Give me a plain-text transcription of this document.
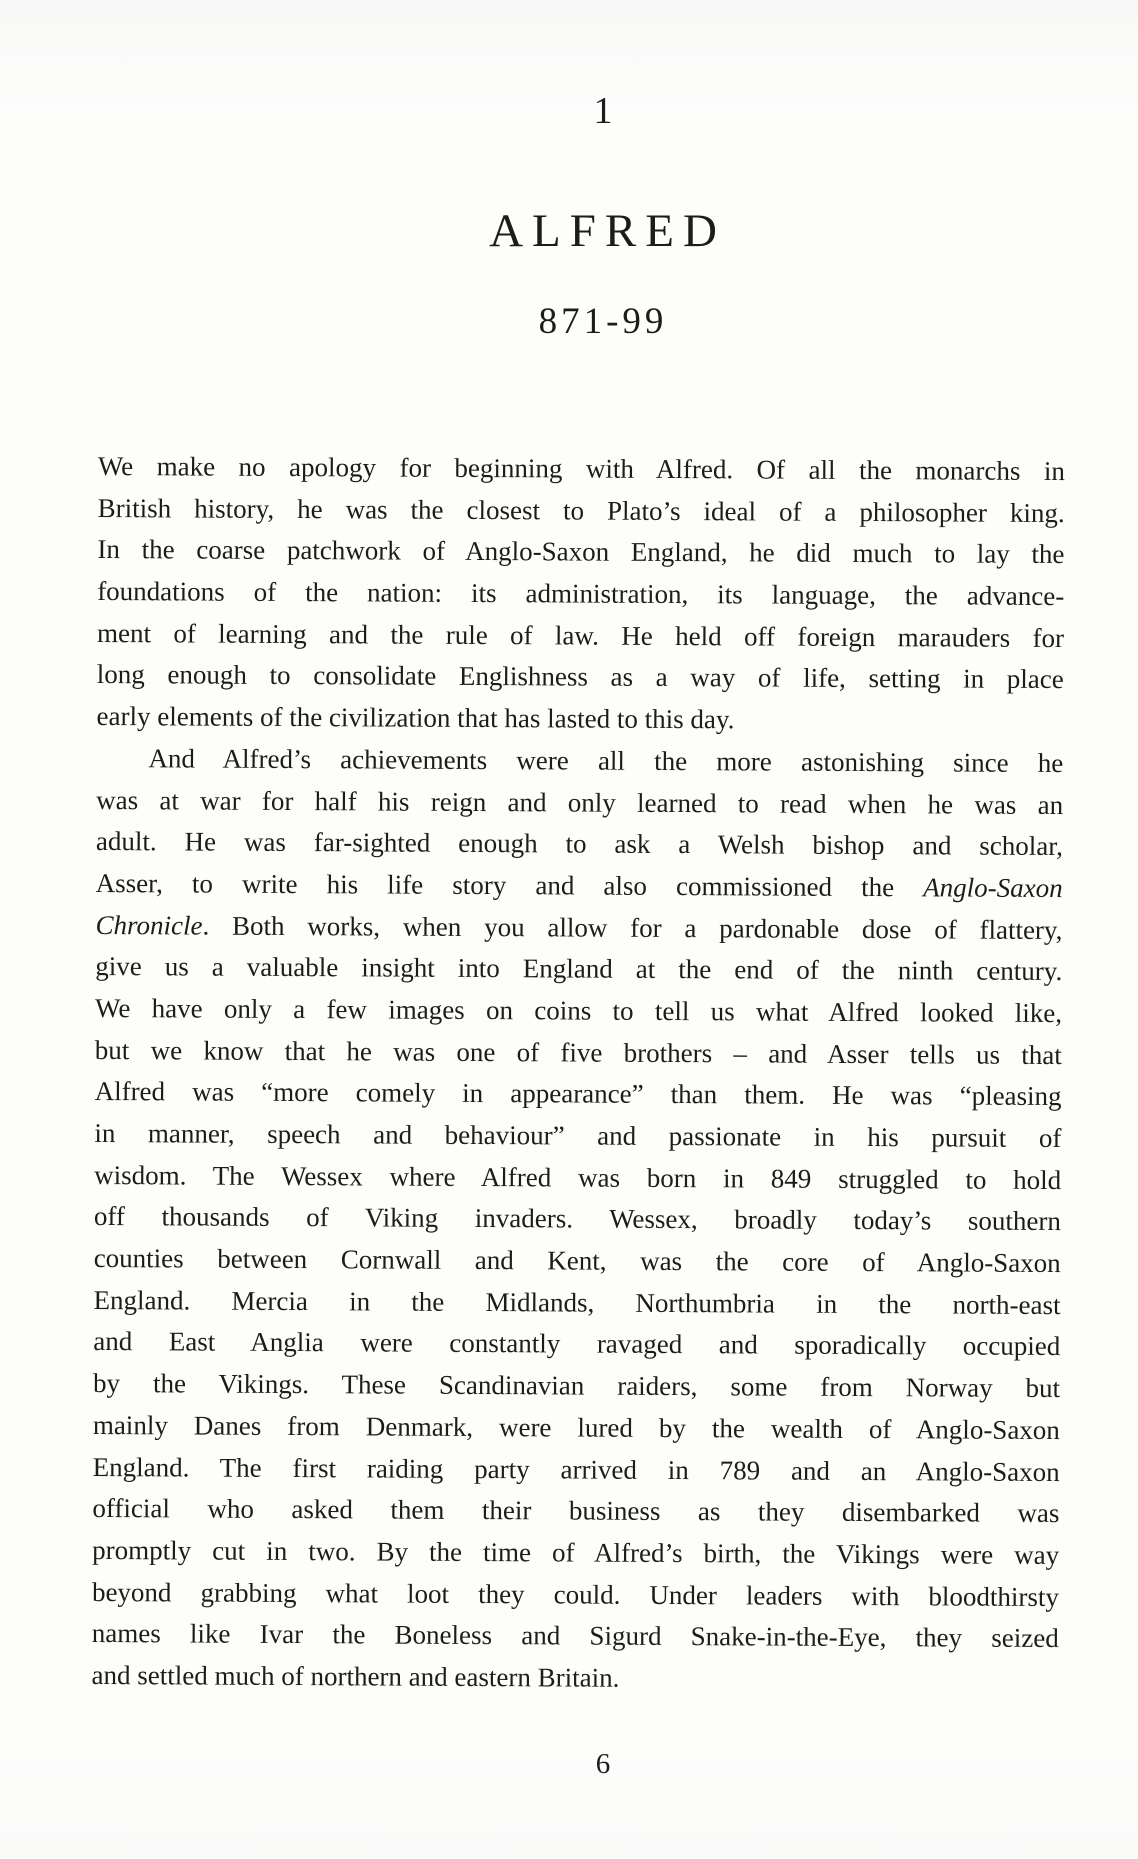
1
ALFRED
871-99
We make no apology for beginning with Alfred. Of all the monarchs in
British history, he was the closest to Plato’s ideal of a philosopher king.
In the coarse patchwork of Anglo-Saxon England, he did much to lay the
foundations of the nation: its administration, its language, the advance-
ment of learning and the rule of law. He held off foreign marauders for
long enough to consolidate Englishness as a way of life, setting in place
early elements of the civilization that has lasted to this day.
And Alfred’s achievements were all the more astonishing since he
was at war for half his reign and only learned to read when he was an
adult. He was far-sighted enough to ask a Welsh bishop and scholar,
Asser, to write his life story and also commissioned the Anglo-Saxon
Chronicle. Both works, when you allow for a pardonable dose of flattery,
give us a valuable insight into England at the end of the ninth century.
We have only a few images on coins to tell us what Alfred looked like,
but we know that he was one of five brothers – and Asser tells us that
Alfred was “more comely in appearance” than them. He was “pleasing
in manner, speech and behaviour” and passionate in his pursuit of
wisdom. The Wessex where Alfred was born in 849 struggled to hold
off thousands of Viking invaders. Wessex, broadly today’s southern
counties between Cornwall and Kent, was the core of Anglo-Saxon
England. Mercia in the Midlands, Northumbria in the north-east
and East Anglia were constantly ravaged and sporadically occupied
by the Vikings. These Scandinavian raiders, some from Norway but
mainly Danes from Denmark, were lured by the wealth of Anglo-Saxon
England. The first raiding party arrived in 789 and an Anglo-Saxon
official who asked them their business as they disembarked was
promptly cut in two. By the time of Alfred’s birth, the Vikings were way
beyond grabbing what loot they could. Under leaders with bloodthirsty
names like Ivar the Boneless and Sigurd Snake-in-the-Eye, they seized
and settled much of northern and eastern Britain.
6
